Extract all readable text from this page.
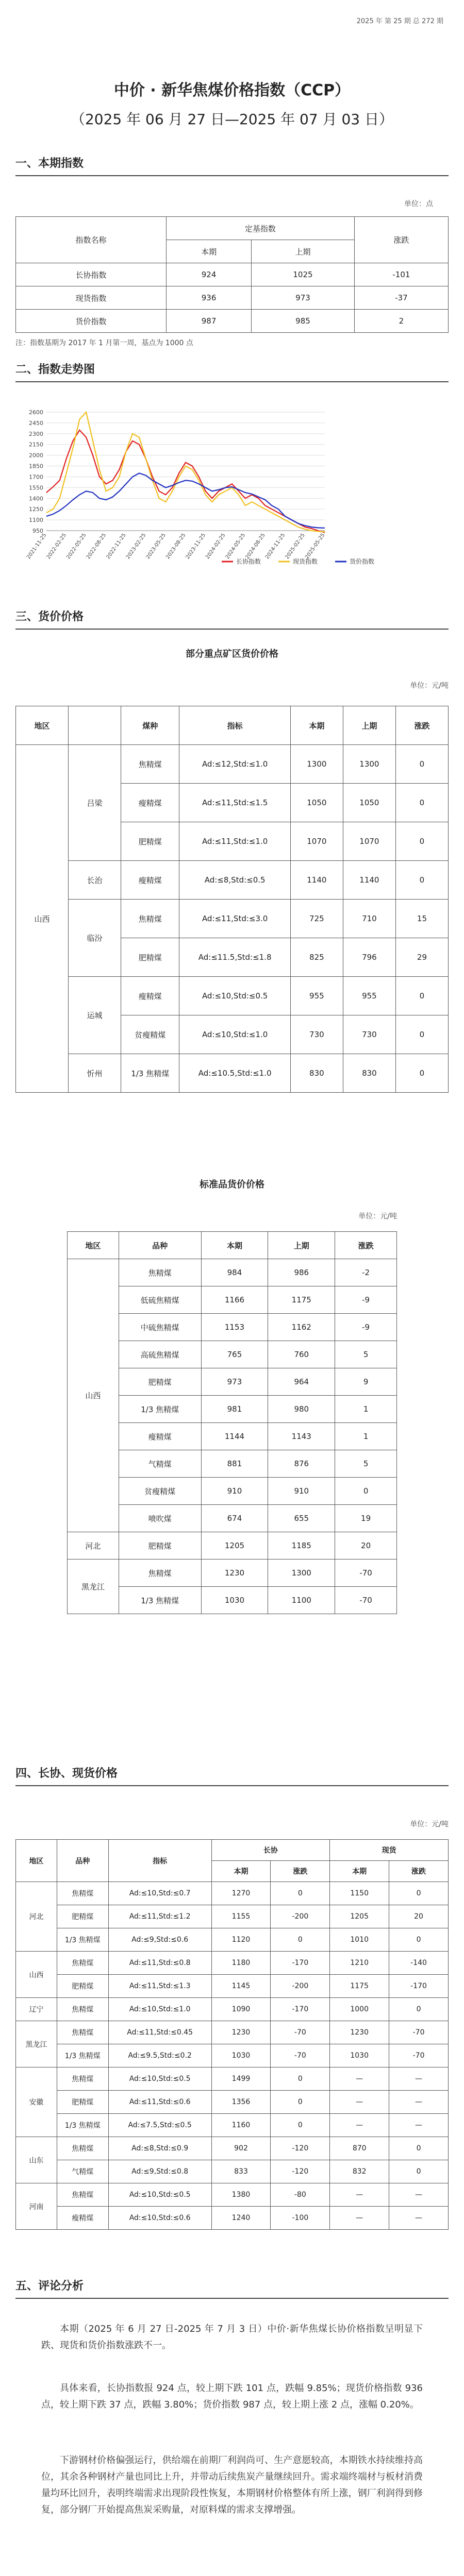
2025 年 第 25 期 总 272 期
中价 · 新华焦煤价格指数（CCP）
（2025 年 06 月 27 日—2025 年 07 月 03 日）
一、本期指数
单位：点
指数名称	定基指数		涨跌
	本期	上期	
长协指数	924	1025	-101
现货指数	936	973	-37
货价指数	987	985	2
注：指数基期为 2017 年 1 月第一周，基点为 1000 点
二、指数走势图
2600
2450
2300
2150
2000
1850
1700
1550
1400
1250
1100
950
2021-11-25
2022-02-25
2022-05-25
2022-08-25
2022-11-25
2023-02-25
2023-05-25
2023-08-25
2023-11-25
2024-02-25
2024-05-25
2024-08-25
2024-11-25
2025-02-25
2025-05-25
长协指数	现货指数	货价指数
三、货价价格
部分重点矿区货价价格
单位：元/吨
地区		煤种	指标	本期	上期	涨跌
山西	吕梁	焦精煤	Ad:≤12,Std:≤1.0	1300	1300	0
		瘦精煤	Ad:≤11,Std:≤1.5	1050	1050	0
		肥精煤	Ad:≤11,Std:≤1.0	1070	1070	0
	长治	瘦精煤	Ad:≤8,Std:≤0.5	1140	1140	0
	临汾	焦精煤	Ad:≤11,Std:≤3.0	725	710	15
		肥精煤	Ad:≤11.5,Std:≤1.8	825	796	29
	运城	瘦精煤	Ad:≤10,Std:≤0.5	955	955	0
		贫瘦精煤	Ad:≤10,Std:≤1.0	730	730	0
	忻州	1/3 焦精煤	Ad:≤10.5,Std:≤1.0	830	830	0
标准品货价价格
单位：元/吨
地区	品种	本期	上期	涨跌
山西	焦精煤	984	986	-2
	低硫焦精煤	1166	1175	-9
	中硫焦精煤	1153	1162	-9
	高硫焦精煤	765	760	5
	肥精煤	973	964	9
	1/3 焦精煤	981	980	1
	瘦精煤	1144	1143	1
	气精煤	881	876	5
	贫瘦精煤	910	910	0
	喷吹煤	674	655	19
河北	肥精煤	1205	1185	20
黑龙江	焦精煤	1230	1300	-70
	1/3 焦精煤	1030	1100	-70
四、长协、现货价格
单位：元/吨
地区	品种	指标	长协		现货	
			本期	涨跌	本期	涨跌
河北	焦精煤	Ad:≤10,Std:≤0.7	1270	0	1150	0
	肥精煤	Ad:≤11,Std:≤1.2	1155	-200	1205	20
	1/3 焦精煤	Ad:≤9,Std:≤0.6	1120	0	1010	0
山西	焦精煤	Ad:≤11,Std:≤0.8	1180	-170	1210	-140
	肥精煤	Ad:≤11,Std:≤1.3	1145	-200	1175	-170
辽宁	焦精煤	Ad:≤10,Std:≤1.0	1090	-170	1000	0
黑龙江	焦精煤	Ad:≤11,Std:≤0.45	1230	-70	1230	-70
	1/3 焦精煤	Ad:≤9.5,Std:≤0.2	1030	-70	1030	-70
安徽	焦精煤	Ad:≤10,Std:≤0.5	1499	0	—	—
	肥精煤	Ad:≤11,Std:≤0.6	1356	0	—	—
	1/3 焦精煤	Ad:≤7.5,Std:≤0.5	1160	0	—	—
山东	焦精煤	Ad:≤8,Std:≤0.9	902	-120	870	0
	气精煤	Ad:≤9,Std:≤0.8	833	-120	832	0
河南	焦精煤	Ad:≤10,Std:≤0.5	1380	-80	—	—
	瘦精煤	Ad:≤10,Std:≤0.6	1240	-100	—	—
五、评论分析

本期（2025 年 6 月 27 日-2025 年 7 月 3 日）中价·新华焦煤长协价格指数呈明显下跌、现货和货价指数涨跌不一。

具体来看，长协指数报 924 点，较上期下跌 101 点，跌幅 9.85%；现货价格指数 936 点，较上期下跌 37 点，跌幅 3.80%；货价指数 987 点，较上期上涨 2 点，涨幅 0.20%。

下游钢材价格偏强运行，供给端在前期厂利润尚可、生产意愿较高，本期铁水持续维持高位，其余各种钢材产量也同比上升，并带动后续焦炭产量继续回升。需求端终端材与板材消费量均环比回升，表明终端需求出现阶段性恢复，本期钢材价格整体有所上涨，钢厂利润得到修复，部分钢厂开始提高焦炭采购量，对原料煤的需求支撑增强。
